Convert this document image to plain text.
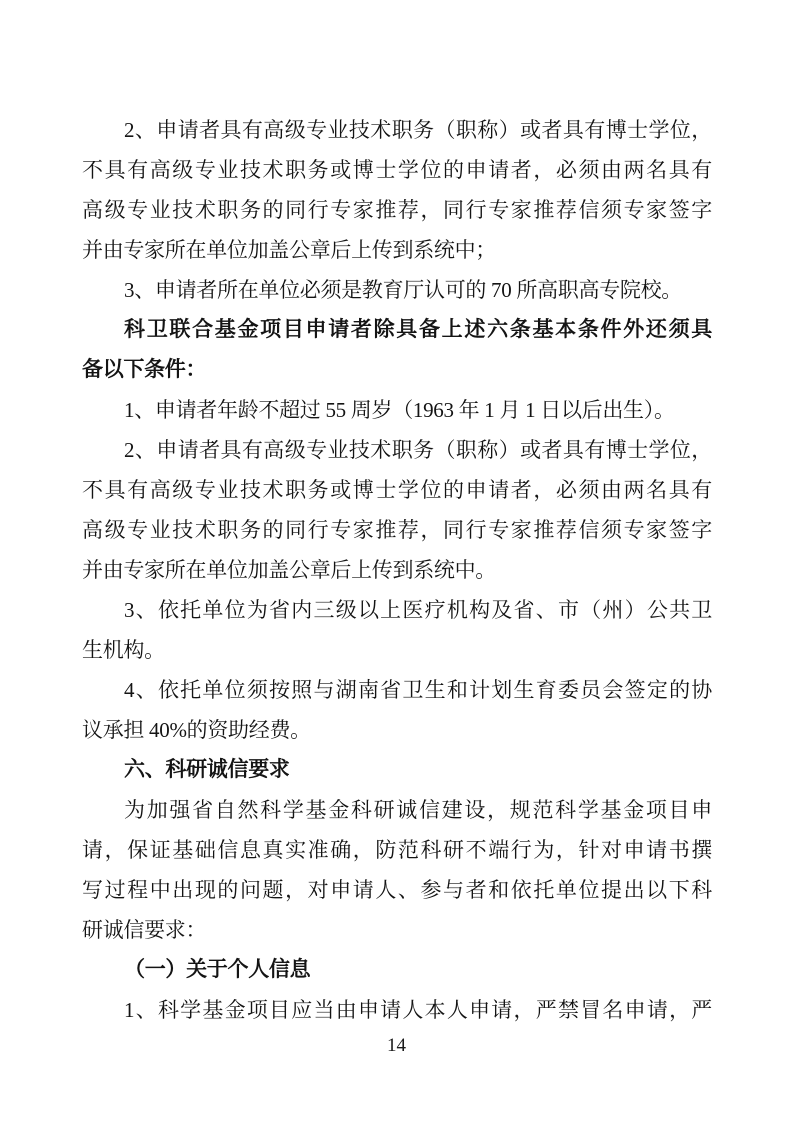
2、申请者具有高级专业技术职务（职称）或者具有博士学位，
不具有高级专业技术职务或博士学位的申请者，必须由两名具有
高级专业技术职务的同行专家推荐，同行专家推荐信须专家签字
并由专家所在单位加盖公章后上传到系统中；
3、申请者所在单位必须是教育厅认可的 70 所高职高专院校。
科卫联合基金项目申请者除具备上述六条基本条件外还须具
备以下条件：
1、申请者年龄不超过 55 周岁（1963 年 1 月 1 日以后出生）。
2、申请者具有高级专业技术职务（职称）或者具有博士学位，
不具有高级专业技术职务或博士学位的申请者，必须由两名具有
高级专业技术职务的同行专家推荐，同行专家推荐信须专家签字
并由专家所在单位加盖公章后上传到系统中。
3、依托单位为省内三级以上医疗机构及省、市（州）公共卫
生机构。
4、依托单位须按照与湖南省卫生和计划生育委员会签定的协
议承担 40%的资助经费。
六、科研诚信要求
为加强省自然科学基金科研诚信建设，规范科学基金项目申
请，保证基础信息真实准确，防范科研不端行为，针对申请书撰
写过程中出现的问题，对申请人、参与者和依托单位提出以下科
研诚信要求：
（一）关于个人信息
1、科学基金项目应当由申请人本人申请，严禁冒名申请，严
14
